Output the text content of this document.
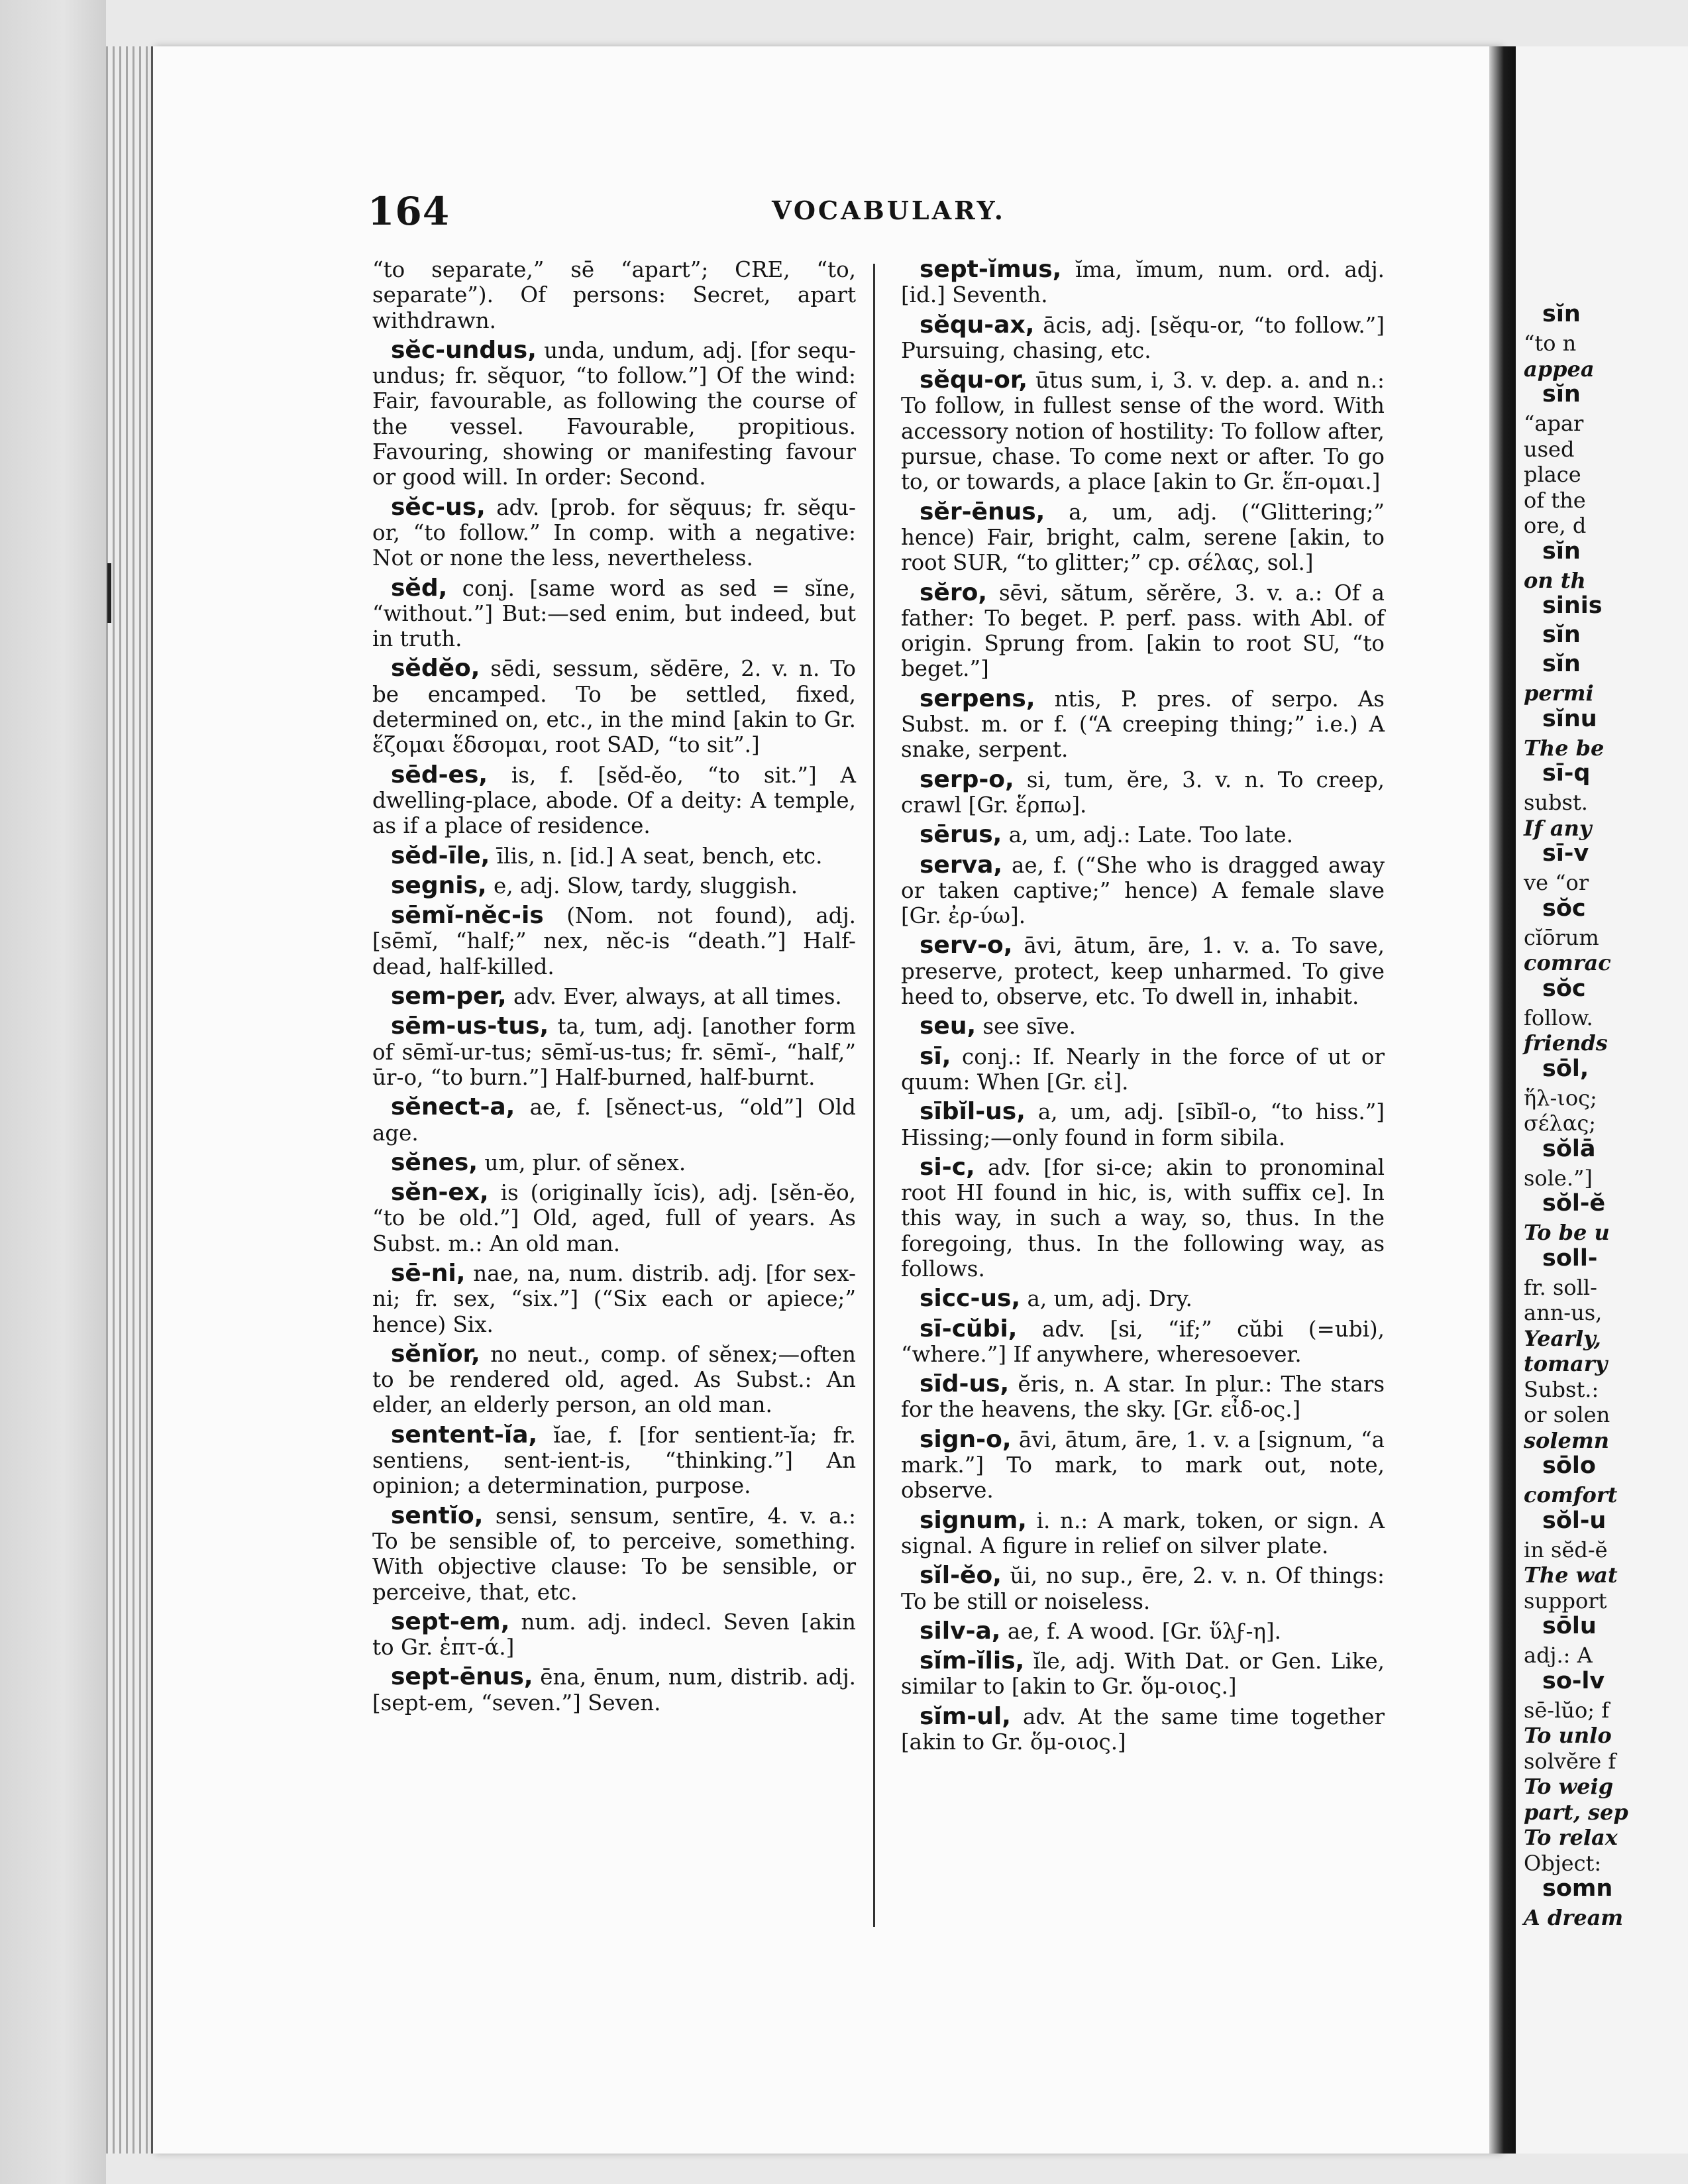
164	VOCABULARY.

“to separate,” sē “apart”; CRE, “to, separate”). Of persons: Secret, apart withdrawn.

sĕc-undus, unda, undum, adj. [for sequ-undus; fr. sĕquor, “to follow.”] Of the wind: Fair, favourable, as following the course of the vessel. Favourable, propitious. Favouring, showing or manifesting favour or good will. In order: Second.

sĕc-us, adv. [prob. for sĕquus; fr. sĕqu-or, “to follow.” In comp. with a negative: Not or none the less, nevertheless.

sĕd, conj. [same word as sed = sĭne, “without.”] But:—sed enim, but indeed, but in truth.

sĕdĕo, sēdi, sessum, sĕdēre, 2. v. n. To be encamped. To be settled, fixed, determined on, etc., in the mind [akin to Gr. ἕζομαι ἕδσομαι, root SAD, “to sit”.]

sēd-es, is, f. [sĕd-ĕo, “to sit.”] A dwelling-place, abode. Of a deity: A temple, as if a place of residence.

sĕd-īle, īlis, n. [id.] A seat, bench, etc.

segnis, e, adj. Slow, tardy, sluggish.

sēmĭ-nĕc-is (Nom. not found), adj. [sēmĭ, “half;” nex, nĕc-is “death.”] Half-dead, half-killed.

sem-per, adv. Ever, always, at all times.

sēm-us-tus, ta, tum, adj. [another form of sēmĭ-ur-tus; sēmĭ-us-tus; fr. sēmĭ-, “half,” ūr-o, “to burn.”] Half-burned, half-burnt.

sĕnect-a, ae, f. [sĕnect-us, “old”] Old age.

sĕnes, um, plur. of sĕnex.

sĕn-ex, is (originally ĭcis), adj. [sĕn-ĕo, “to be old.”] Old, aged, full of years. As Subst. m.: An old man.

sē-ni, nae, na, num. distrib. adj. [for sex-ni; fr. sex, “six.”] (“Six each or apiece;” hence) Six.

sĕnĭor, no neut., comp. of sĕnex;—often to be rendered old, aged. As Subst.: An elder, an elderly person, an old man.

sentent-ĭa, ĭae, f. [for sentient-ĭa; fr. sentiens, sent-ient-is, “thinking.”] An opinion; a determination, purpose.

sentĭo, sensi, sensum, sentīre, 4. v. a.: To be sensible of, to perceive, something. With objective clause: To be sensible, or perceive, that, etc.

sept-em, num. adj. indecl. Seven [akin to Gr. ἑπτ-ά.]

sept-ēnus, ēna, ēnum, num, distrib. adj. [sept-em, “seven.”] Seven.

sept-ĭmus, ĭma, ĭmum, num. ord. adj. [id.] Seventh.

sĕqu-ax, ācis, adj. [sĕqu-or, “to follow.”] Pursuing, chasing, etc.

sĕqu-or, ūtus sum, i, 3. v. dep. a. and n.: To follow, in fullest sense of the word. With accessory notion of hostility: To follow after, pursue, chase. To come next or after. To go to, or towards, a place [akin to Gr. ἕπ-ομαι.]

sĕr-ēnus, a, um, adj. (“Glittering;” hence) Fair, bright, calm, serene [akin, to root SUR, “to glitter;” cp. σέλας, sol.]

sĕro, sēvi, sătum, sĕrĕre, 3. v. a.: Of a father: To beget. P. perf. pass. with Abl. of origin. Sprung from. [akin to root SU, “to beget.”]

serpens, ntis, P. pres. of serpo. As Subst. m. or f. (“A creeping thing;” i.e.) A snake, serpent.

serp-o, si, tum, ĕre, 3. v. n. To creep, crawl [Gr. ἕρπω].

sērus, a, um, adj.: Late. Too late.

serva, ae, f. (“She who is dragged away or taken captive;” hence) A female slave [Gr. ἐρ-ύω].

serv-o, āvi, ātum, āre, 1. v. a. To save, preserve, protect, keep unharmed. To give heed to, observe, etc. To dwell in, inhabit.

seu, see sīve.

sī, conj.: If. Nearly in the force of ut or quum: When [Gr. εἰ].

sībĭl-us, a, um, adj. [sībĭl-o, “to hiss.”] Hissing;—only found in form sibila.

si-c, adv. [for si-ce; akin to pronominal root HI found in hic, is, with suffix ce]. In this way, in such a way, so, thus. In the foregoing, thus. In the following way, as follows.

sicc-us, a, um, adj. Dry.

sī-cŭbi, adv. [si, “if;” cŭbi (=ubi), “where.”] If anywhere, wheresoever.

sīd-us, ĕris, n. A star. In plur.: The stars for the heavens, the sky. [Gr. εἶδ-ος.]

sign-o, āvi, ātum, āre, 1. v. a [signum, “a mark.”] To mark, to mark out, note, observe.

signum, i. n.: A mark, token, or sign. A signal. A figure in relief on silver plate.

sĭl-ĕo, ŭi, no sup., ēre, 2. v. n. Of things: To be still or noiseless.

silv-a, ae, f. A wood. [Gr. ὕλϝ-η].

sĭm-ĭlis, ĭle, adj. With Dat. or Gen. Like, similar to [akin to Gr. ὅμ-οιος.]

sĭm-ul, adv. At the same time together [akin to Gr. ὅμ-οιος.]

sĭn
“to n
appea
sĭn
“apar
used
place
of the
ore, d
sĭn
on th
sinis
sĭn
sĭn
permi
sĭnu
The be
sī-q
subst.
If any
sī-v
ve “or
sŏc
cĭōrum
comrac
sŏc
follow.
friends
sōl,
ἥλ-ιος;
σέλας;
sŏlā
sole.”]
sŏl-ĕ
To be u
soll-
fr. soll-
ann-us,
Yearly,
tomary
Subst.:
or solen
solemn
sōlo
comfort
sŏl-u
in sĕd-ĕ
The wat
support
sōlu
adj.: A
so-lv
sē-lŭo; f
To unlo
solvĕre f
To weig
part, sep
To relax
Object:
somn
A dream
